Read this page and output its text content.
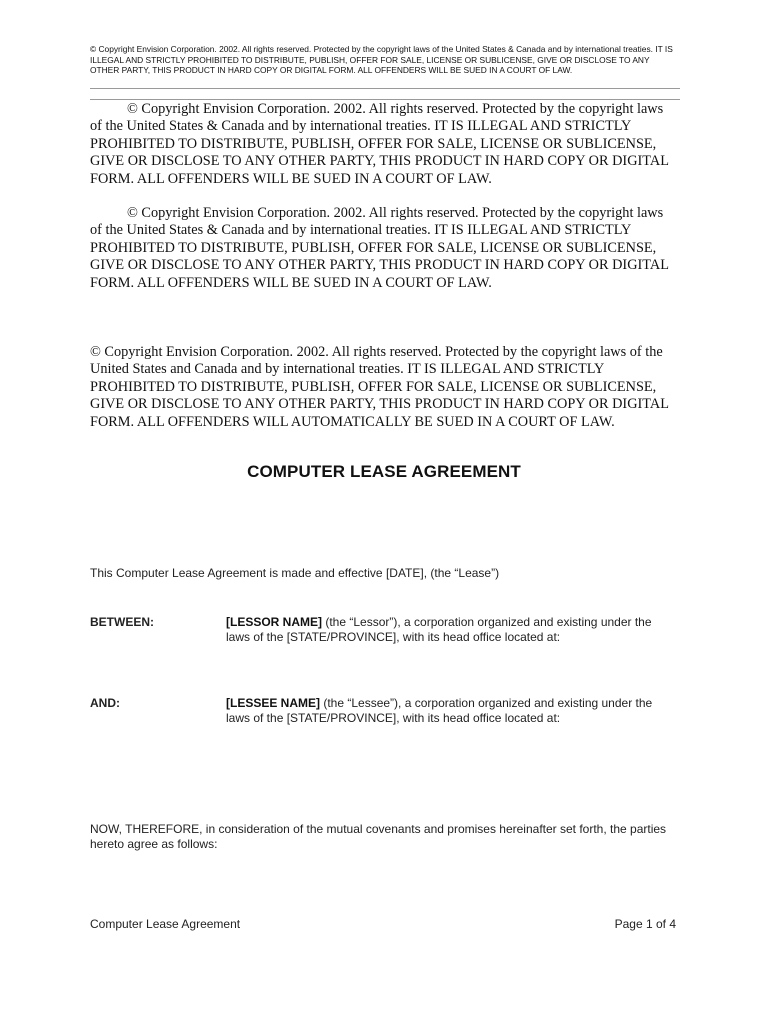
© Copyright Envision Corporation. 2002. All rights reserved. Protected by the copyright laws of the United States & Canada and by international treaties. IT IS ILLEGAL AND STRICTLY PROHIBITED TO DISTRIBUTE, PUBLISH, OFFER FOR SALE, LICENSE OR SUBLICENSE, GIVE OR DISCLOSE TO ANY OTHER PARTY, THIS PRODUCT IN HARD COPY OR DIGITAL FORM. ALL OFFENDERS WILL BE SUED IN A COURT OF LAW.
© Copyright Envision Corporation. 2002. All rights reserved. Protected by the copyright laws of the United States & Canada and by international treaties. IT IS ILLEGAL AND STRICTLY PROHIBITED TO DISTRIBUTE, PUBLISH, OFFER FOR SALE, LICENSE OR SUBLICENSE, GIVE OR DISCLOSE TO ANY OTHER PARTY, THIS PRODUCT IN HARD COPY OR DIGITAL FORM. ALL OFFENDERS WILL BE SUED IN A COURT OF LAW.
© Copyright Envision Corporation. 2002. All rights reserved. Protected by the copyright laws of the United States & Canada and by international treaties. IT IS ILLEGAL AND STRICTLY PROHIBITED TO DISTRIBUTE, PUBLISH, OFFER FOR SALE, LICENSE OR SUBLICENSE, GIVE OR DISCLOSE TO ANY OTHER PARTY, THIS PRODUCT IN HARD COPY OR DIGITAL FORM. ALL OFFENDERS WILL BE SUED IN A COURT OF LAW.
© Copyright Envision Corporation. 2002. All rights reserved. Protected by the copyright laws of the United States and Canada and by international treaties. IT IS ILLEGAL AND STRICTLY PROHIBITED TO DISTRIBUTE, PUBLISH, OFFER FOR SALE, LICENSE OR SUBLICENSE, GIVE OR DISCLOSE TO ANY OTHER PARTY, THIS PRODUCT IN HARD COPY OR DIGITAL FORM. ALL OFFENDERS WILL AUTOMATICALLY BE SUED IN A COURT OF LAW.
COMPUTER LEASE AGREEMENT
This Computer Lease Agreement is made and effective [DATE], (the “Lease”)
BETWEEN:	[LESSOR NAME] (the “Lessor”), a corporation organized and existing under the laws of the [STATE/PROVINCE], with its head office located at:
AND:	[LESSEE NAME] (the “Lessee”), a corporation organized and existing under the laws of the [STATE/PROVINCE], with its head office located at:
NOW, THEREFORE, in consideration of the mutual covenants and promises hereinafter set forth, the parties hereto agree as follows:
Computer Lease Agreement	Page 1 of 4
